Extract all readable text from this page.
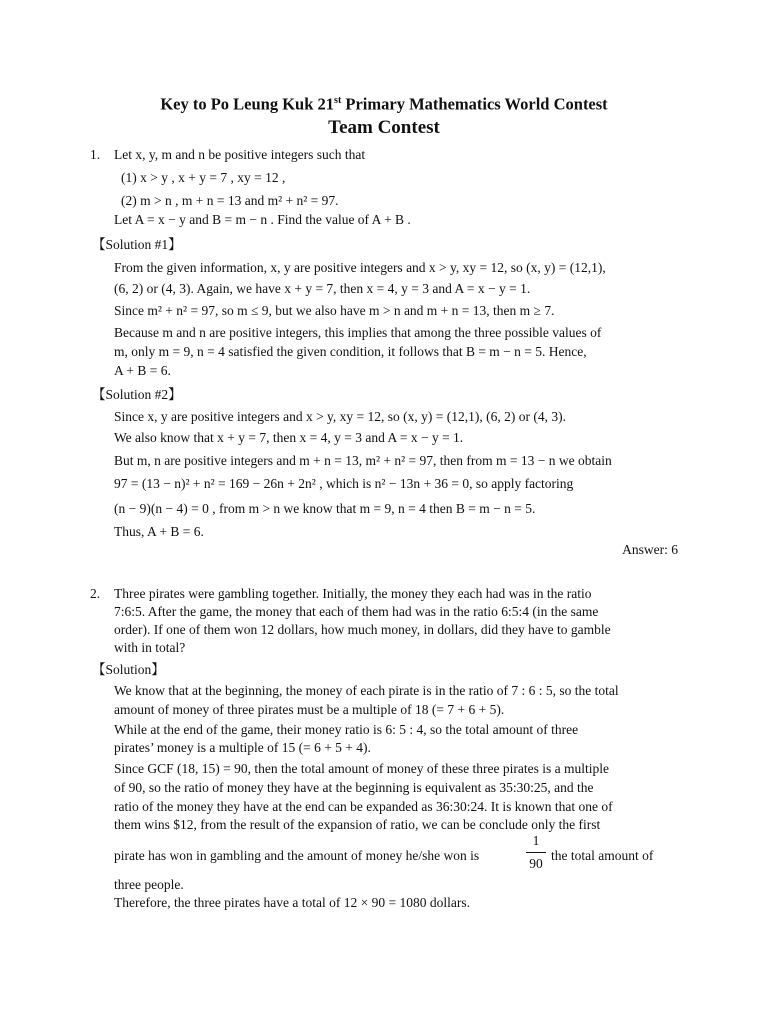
Key to Po Leung Kuk 21st Primary Mathematics World Contest
Team Contest
1. Let x, y, m and n be positive integers such that
(1) x > y , x + y = 7 , xy = 12 ,
(2) m > n , m + n = 13 and m² + n² = 97.
Let A = x − y and B = m − n . Find the value of A + B .
【Solution #1】
From the given information, x, y are positive integers and x > y, xy = 12, so (x, y) = (12,1),
(6, 2) or (4, 3). Again, we have x + y = 7, then x = 4, y = 3 and A = x − y = 1.
Since m² + n² = 97, so m ≤ 9, but we also have m > n and m + n = 13, then m ≥ 7.
Because m and n are positive integers, this implies that among the three possible values of
m, only m = 9, n = 4 satisfied the given condition, it follows that B = m − n = 5. Hence,
A + B = 6.
【Solution #2】
Since x, y are positive integers and x > y, xy = 12, so (x, y) = (12,1), (6, 2) or (4, 3).
We also know that x + y = 7, then x = 4, y = 3 and A = x − y = 1.
But m, n are positive integers and m + n = 13, m² + n² = 97, then from m = 13 − n we obtain
97 = (13 − n)² + n² = 169 − 26n + 2n² , which is n² − 13n + 36 = 0, so apply factoring
(n − 9)(n − 4) = 0 , from m > n we know that m = 9, n = 4 then B = m − n = 5.
Thus, A + B = 6.
Answer: 6
2. Three pirates were gambling together. Initially, the money they each had was in the ratio
7:6:5. After the game, the money that each of them had was in the ratio 6:5:4 (in the same
order). If one of them won 12 dollars, how much money, in dollars, did they have to gamble
with in total?
【Solution】
We know that at the beginning, the money of each pirate is in the ratio of 7 : 6 : 5, so the total
amount of money of three pirates must be a multiple of 18 (= 7 + 6 + 5).
While at the end of the game, their money ratio is 6: 5 : 4, so the total amount of three
pirates’ money is a multiple of 15 (= 6 + 5 + 4).
Since GCF (18, 15) = 90, then the total amount of money of these three pirates is a multiple
of 90, so the ratio of money they have at the beginning is equivalent as 35:30:25, and the
ratio of the money they have at the end can be expanded as 36:30:24. It is known that one of
them wins $12, from the result of the expansion of ratio, we can be conclude only the first
pirate has won in gambling and the amount of money he/she won is
1
90
the total amount of
three people.
Therefore, the three pirates have a total of 12 × 90 = 1080 dollars.
